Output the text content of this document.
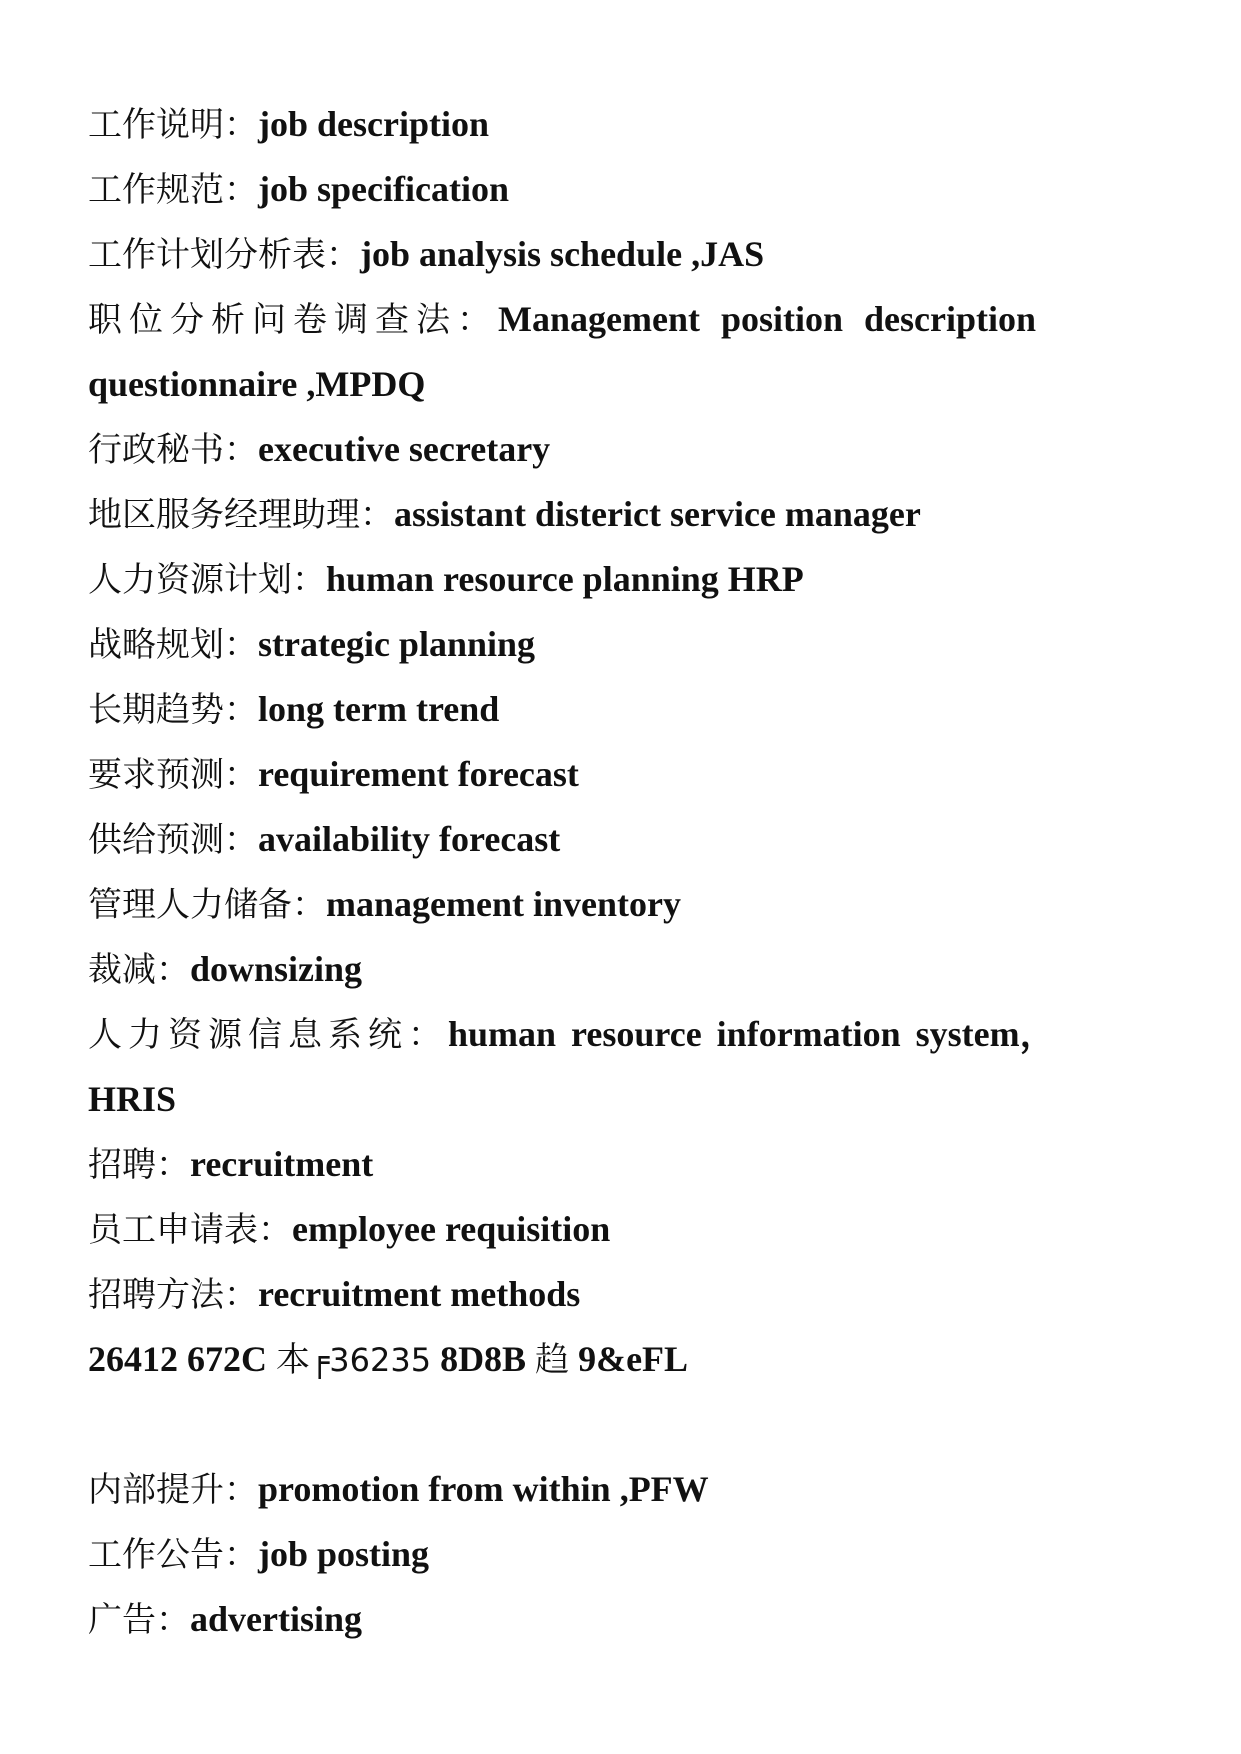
工作说明：job description
工作规范：job specification
工作计划分析表：job analysis schedule ,JAS
职位分析问卷调查法：Management position description
questionnaire ,MPDQ
行政秘书：executive secretary
地区服务经理助理：assistant disterict service manager
人力资源计划：human resource planning HRP
战略规划：strategic planning
长期趋势：long term trend
要求预测：requirement forecast
供给预测：availability forecast
管理人力储备：management inventory
裁减：downsizing
人力资源信息系统：human resource information system，
HRIS
招聘：recruitment
员工申请表：employee requisition
招聘方法：recruitment methods
26412 672C 本╒36235 8D8B 趋 9&eFL
内部提升：promotion from within ,PFW
工作公告：job posting
广告：advertising
